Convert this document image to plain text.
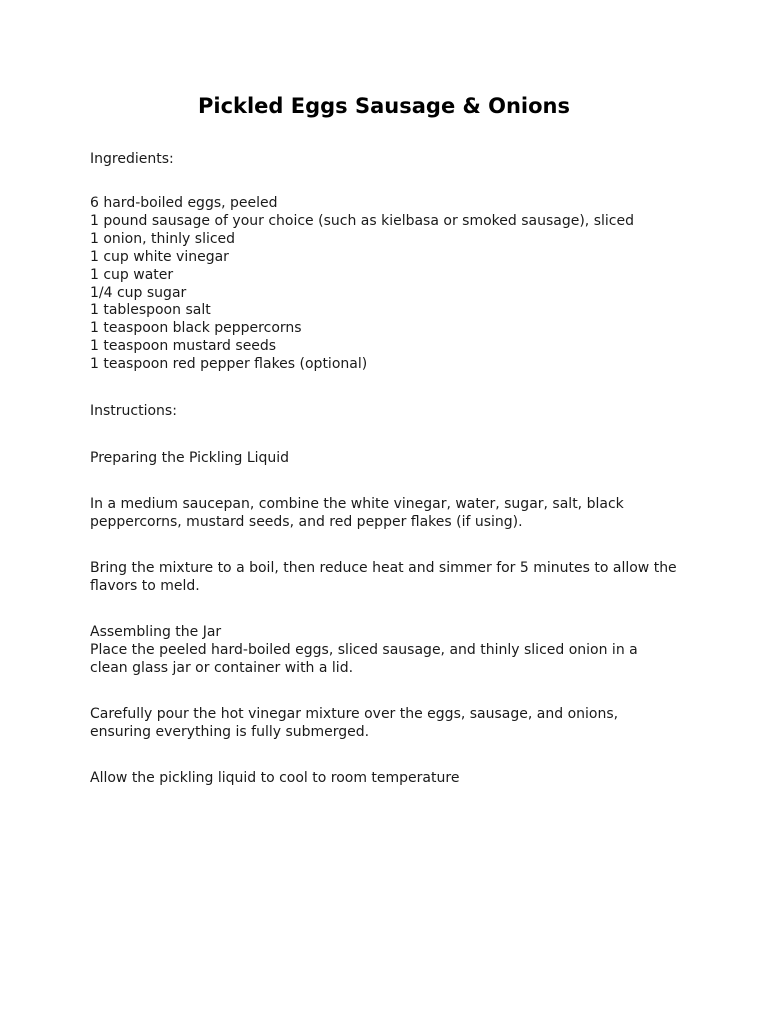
Pickled Eggs Sausage & Onions

Ingredients:

6 hard-boiled eggs, peeled
1 pound sausage of your choice (such as kielbasa or smoked sausage), sliced
1 onion, thinly sliced
1 cup white vinegar
1 cup water
1/4 cup sugar
1 tablespoon salt
1 teaspoon black peppercorns
1 teaspoon mustard seeds
1 teaspoon red pepper flakes (optional)

Instructions:

Preparing the Pickling Liquid

In a medium saucepan, combine the white vinegar, water, sugar, salt, black peppercorns, mustard seeds, and red pepper flakes (if using).

Bring the mixture to a boil, then reduce heat and simmer for 5 minutes to allow the flavors to meld.

Assembling the Jar

Place the peeled hard-boiled eggs, sliced sausage, and thinly sliced onion in a clean glass jar or container with a lid.

Carefully pour the hot vinegar mixture over the eggs, sausage, and onions, ensuring everything is fully submerged.

Allow the pickling liquid to cool to room temperature
